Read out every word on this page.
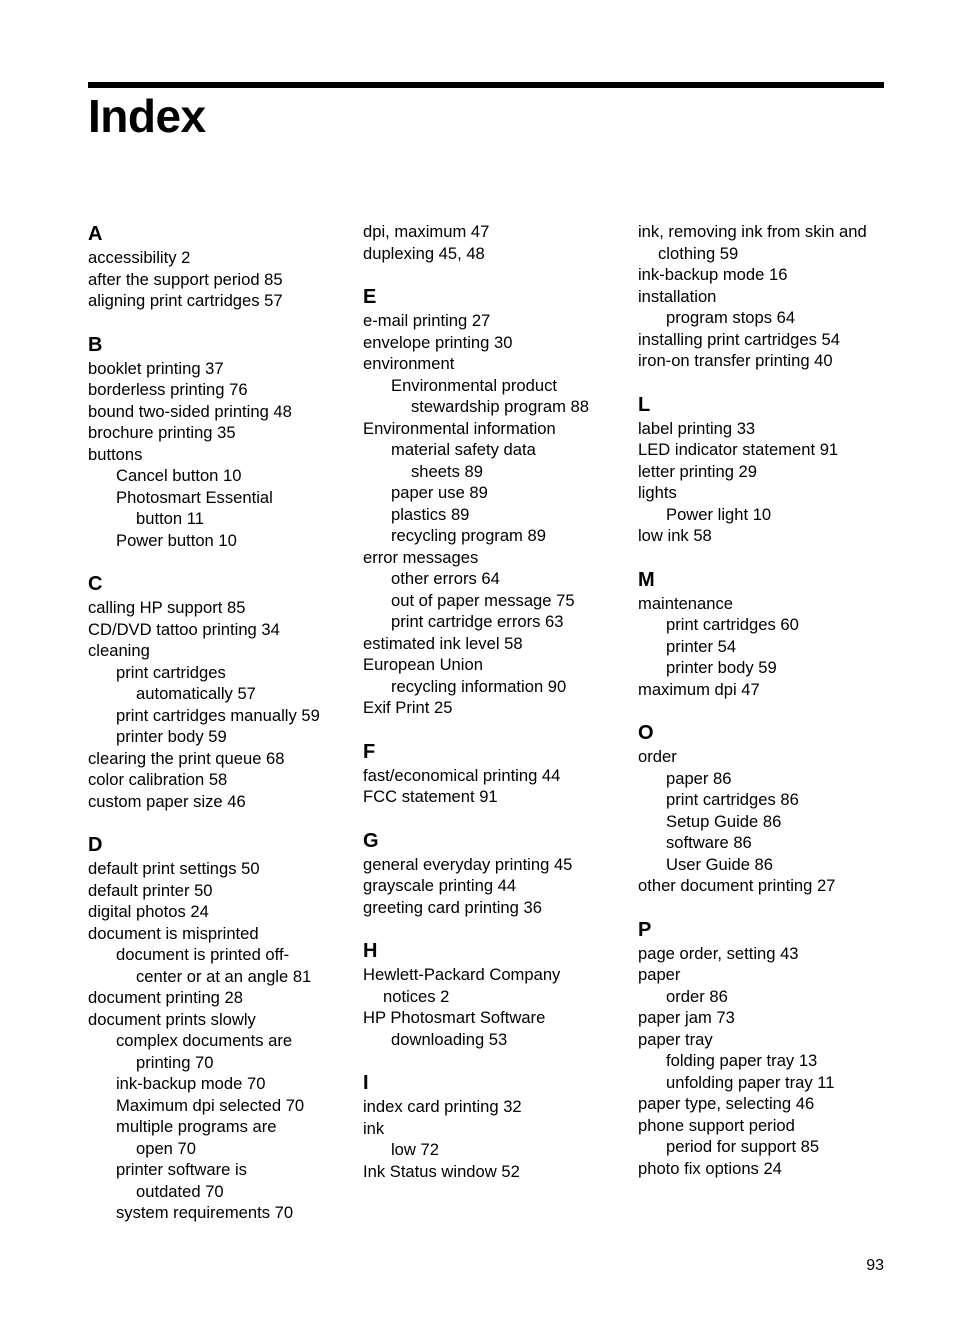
Index
A
accessibility 2
after the support period 85
aligning print cartridges 57
B
booklet printing 37
borderless printing 76
bound two-sided printing 48
brochure printing 35
buttons
Cancel button 10
Photosmart Essential
button 11
Power button 10
C
calling HP support 85
CD/DVD tattoo printing 34
cleaning
print cartridges
automatically 57
print cartridges manually 59
printer body 59
clearing the print queue 68
color calibration 58
custom paper size 46
D
default print settings 50
default printer 50
digital photos 24
document is misprinted
document is printed off-
center or at an angle 81
document printing 28
document prints slowly
complex documents are
printing 70
ink-backup mode 70
Maximum dpi selected 70
multiple programs are
open 70
printer software is
outdated 70
system requirements 70
dpi, maximum 47
duplexing 45, 48
E
e-mail printing 27
envelope printing 30
environment
Environmental product
stewardship program 88
Environmental information
material safety data
sheets 89
paper use 89
plastics 89
recycling program 89
error messages
other errors 64
out of paper message 75
print cartridge errors 63
estimated ink level 58
European Union
recycling information 90
Exif Print 25
F
fast/economical printing 44
FCC statement 91
G
general everyday printing 45
grayscale printing 44
greeting card printing 36
H
Hewlett-Packard Company
notices 2
HP Photosmart Software
downloading 53
I
index card printing 32
ink
low 72
Ink Status window 52
ink, removing ink from skin and
clothing 59
ink-backup mode 16
installation
program stops 64
installing print cartridges 54
iron-on transfer printing 40
L
label printing 33
LED indicator statement 91
letter printing 29
lights
Power light 10
low ink 58
M
maintenance
print cartridges 60
printer 54
printer body 59
maximum dpi 47
O
order
paper 86
print cartridges 86
Setup Guide 86
software 86
User Guide 86
other document printing 27
P
page order, setting 43
paper
order 86
paper jam 73
paper tray
folding paper tray 13
unfolding paper tray 11
paper type, selecting 46
phone support period
period for support 85
photo fix options 24
93
